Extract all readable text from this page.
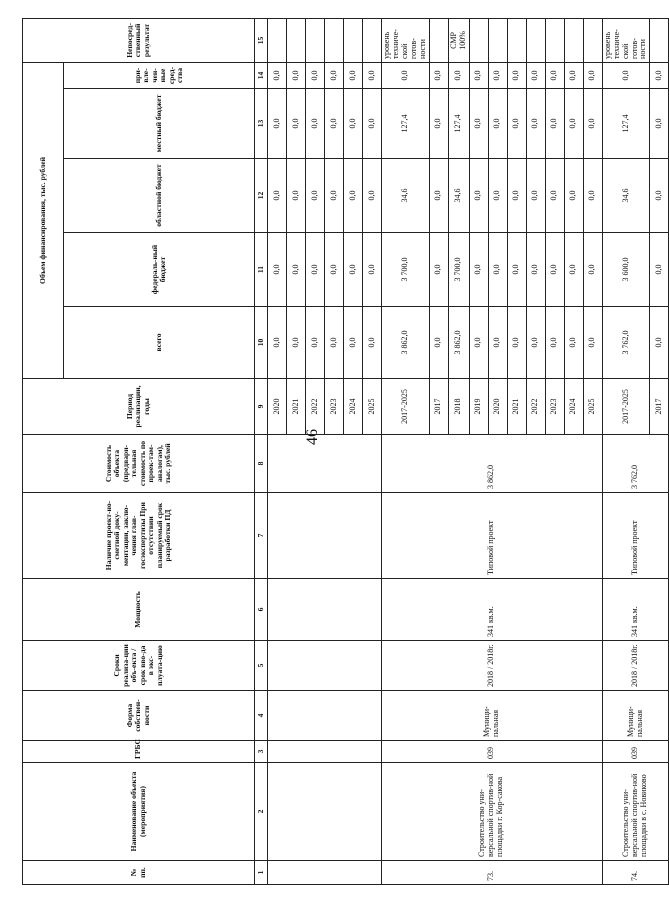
46
№ пп.	Наименование объекта (мероприятия)	ГРБС	Форма собствен-ности	Сроки реализа-ции объ-екта / срок вво-да в экс-плуата-цию	Мощность	Наличие проект-но-сметной доку-ментации, заклю-чения глав-госэкспертизы При отсутствии планируемый срок разработки ПД	Стоимость объекта (предвари-тельная стоимость по проек-там-аналогам), тыс. рублей	Период реализации, годы	Объем финансирования, тыс. рублей					Непосред-ственный результат
									всего	федераль-ный бюджет	областной бюджет	местный бюджет	при-вле-чен-ные сред-ства	
1	2	3	4	5	6	7	8	9	10	11	12	13	14	15
								2020	0,0	0,0	0,0	0,0	0,0	
								2021	0,0	0,0	0,0	0,0	0,0	
								2022	0,0	0,0	0,0	0,0	0,0	
								2023	0,0	0,0	0,0	0,0	0,0	
								2024	0,0	0,0	0,0	0,0	0,0	
								2025	0,0	0,0	0,0	0,0	0,0	
73.	Строительство уни-версальной спортив-ной площадки г. Кор-сакова	039	Муници-пальная	2018 / 2018г.	341 кв.м.	Типовой проект	3 862,0	2017-2025	3 862,0	3 700,0	34,6	127,4	0,0	уровень техниче-ской готов-ности
								2017	0,0	0,0	0,0	0,0	0,0	
								2018	3 862,0	3 700,0	34,6	127,4	0,0	СМР 100%
								2019	0,0	0,0	0,0	0,0	0,0	
								2020	0,0	0,0	0,0	0,0	0,0	
								2021	0,0	0,0	0,0	0,0	0,0	
								2022	0,0	0,0	0,0	0,0	0,0	
								2023	0,0	0,0	0,0	0,0	0,0	
								2024	0,0	0,0	0,0	0,0	0,0	
								2025	0,0	0,0	0,0	0,0	0,0	
74.	Строительство уни-версальной спортив-ной площадки в с. Новиково	039	Муници-пальная	2018 / 2018г.	341 кв.м.	Типовой проект	3 762,0	2017-2025	3 762,0	3 600,0	34,6	127,4	0,0	уровень техниче-ской готов-ности
								2017	0,0	0,0	0,0	0,0	0,0	
